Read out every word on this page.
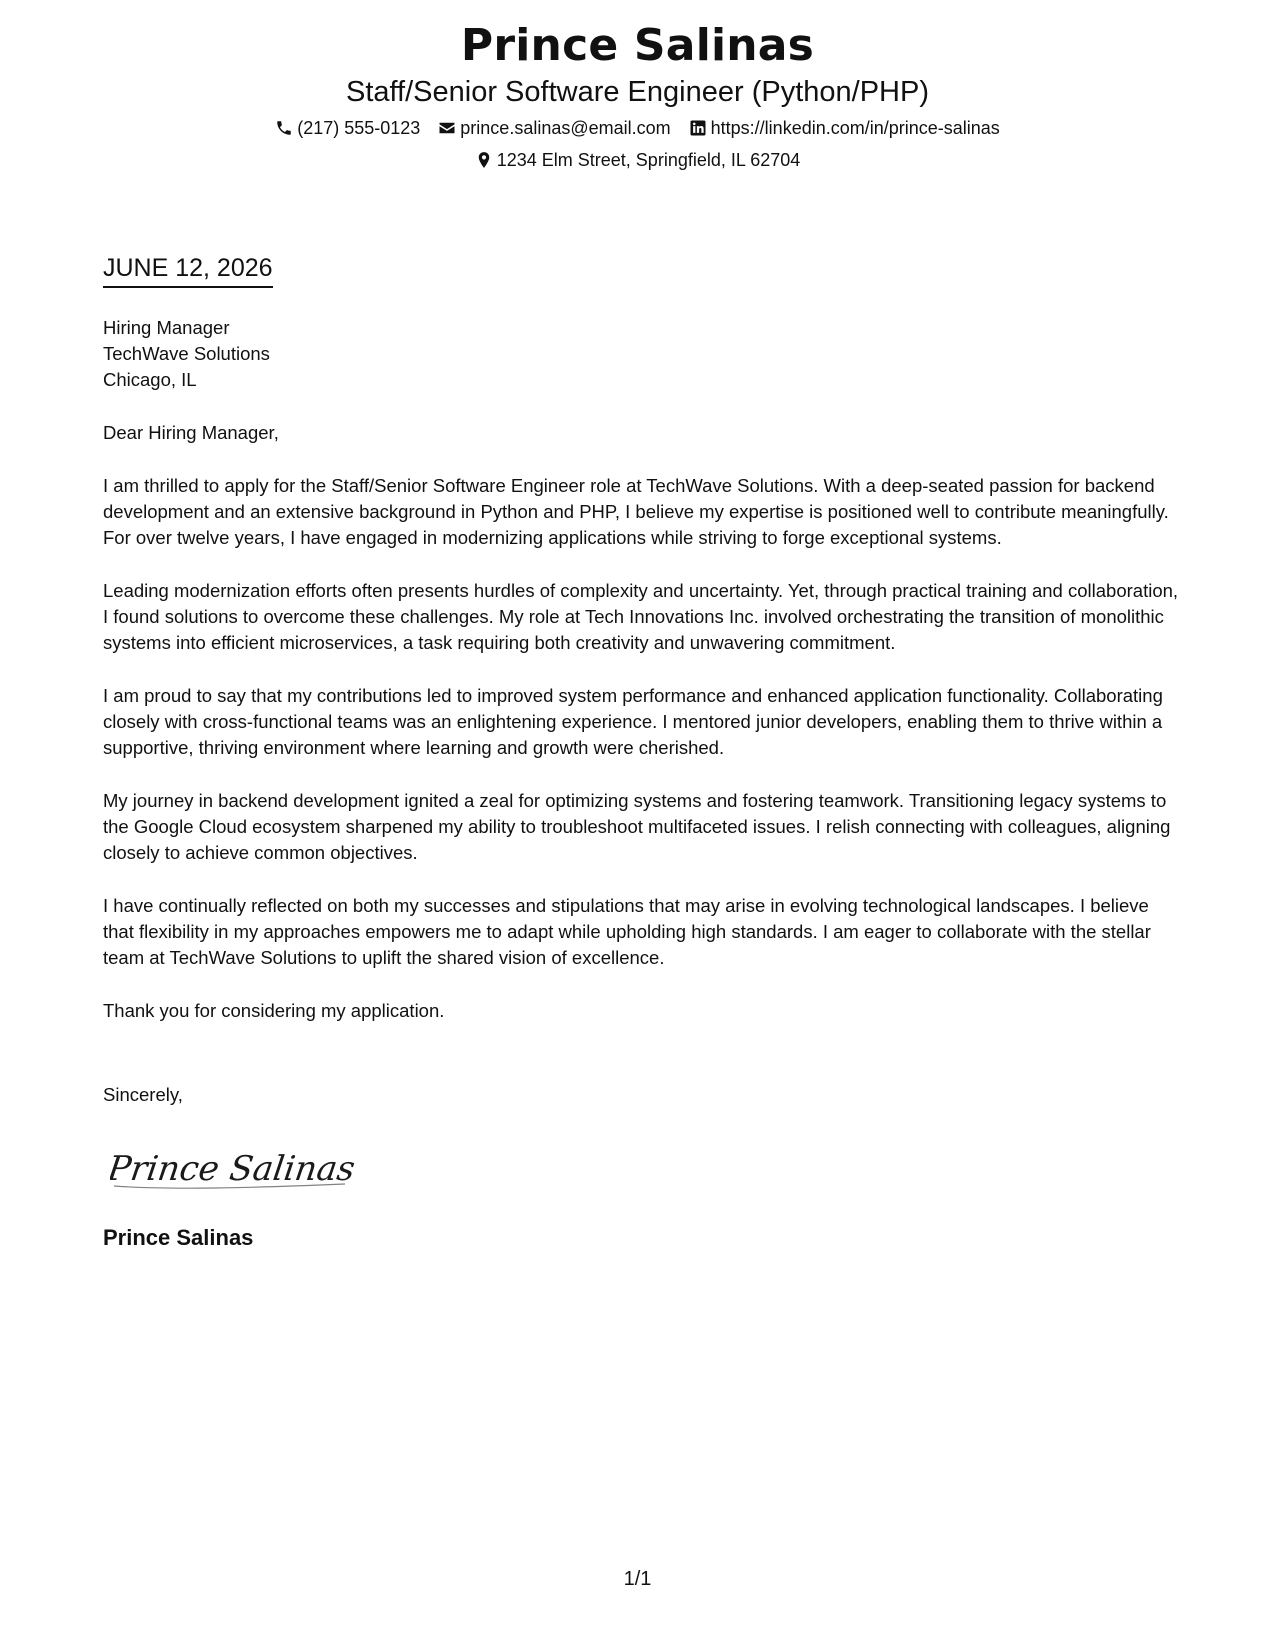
Prince Salinas
Staff/Senior Software Engineer (Python/PHP)
(217) 555-0123 prince.salinas@email.com https://linkedin.com/in/prince-salinas
1234 Elm Street, Springfield, IL 62704
JUNE 12, 2026
Hiring Manager
TechWave Solutions
Chicago, IL

Dear Hiring Manager,

I am thrilled to apply for the Staff/Senior Software Engineer role at TechWave Solutions. With a deep-seated passion for backend development and an extensive background in Python and PHP, I believe my expertise is positioned well to contribute meaningfully. For over twelve years, I have engaged in modernizing applications while striving to forge exceptional systems.

Leading modernization efforts often presents hurdles of complexity and uncertainty. Yet, through practical training and collaboration, I found solutions to overcome these challenges. My role at Tech Innovations Inc. involved orchestrating the transition of monolithic systems into efficient microservices, a task requiring both creativity and unwavering commitment.

I am proud to say that my contributions led to improved system performance and enhanced application functionality. Collaborating closely with cross-functional teams was an enlightening experience. I mentored junior developers, enabling them to thrive within a supportive, thriving environment where learning and growth were cherished.

My journey in backend development ignited a zeal for optimizing systems and fostering teamwork. Transitioning legacy systems to the Google Cloud ecosystem sharpened my ability to troubleshoot multifaceted issues. I relish connecting with colleagues, aligning closely to achieve common objectives.

I have continually reflected on both my successes and stipulations that may arise in evolving technological landscapes. I believe that flexibility in my approaches empowers me to adapt while upholding high standards. I am eager to collaborate with the stellar team at TechWave Solutions to uplift the shared vision of excellence.

Thank you for considering my application.

Sincerely,
Prince Salinas
Prince Salinas
1/1
